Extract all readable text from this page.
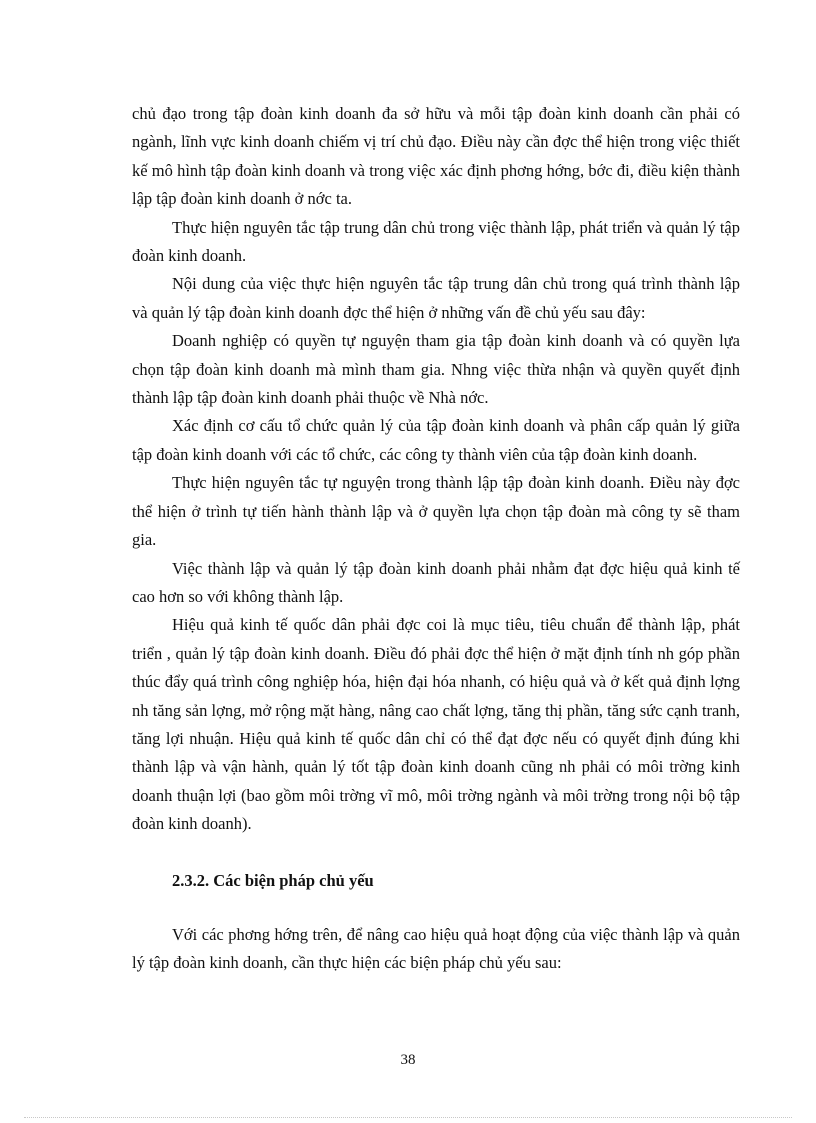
chủ đạo trong tập đoàn kinh doanh đa sở hữu và mỗi tập đoàn kinh doanh cần phải có ngành, lĩnh vực kinh doanh chiếm vị trí chủ đạo. Điều này cần đợc thể hiện trong việc thiết kế mô hình tập đoàn kinh doanh và trong việc xác định phơng hớng, bớc đi, điều kiện thành lập tập đoàn kinh doanh ở nớc ta.

Thực hiện nguyên tắc tập trung dân chủ trong việc thành lập, phát triển và quản lý tập đoàn kinh doanh.

Nội dung của việc thực hiện nguyên tắc tập trung dân chủ trong quá trình thành lập và quản lý tập đoàn kinh doanh đợc thể hiện ở những vấn đề chủ yếu sau đây:

Doanh nghiệp có quyền tự nguyện tham gia tập đoàn kinh doanh và có quyền lựa chọn tập đoàn kinh doanh mà mình tham gia. Nhng việc thừa nhận và quyền quyết định thành lập tập đoàn kinh doanh phải thuộc về Nhà nớc.

Xác định cơ cấu tổ chức quản lý của tập đoàn kinh doanh và phân cấp quản lý giữa tập đoàn kinh doanh với các tổ chức, các công ty thành viên của tập đoàn kinh doanh.

Thực hiện nguyên tắc tự nguyện trong thành lập tập đoàn kinh doanh. Điều này đợc thể hiện ở trình tự tiến hành thành lập và ở quyền lựa chọn tập đoàn mà công ty sẽ tham gia.

Việc thành lập và quản lý tập đoàn kinh doanh phải nhằm đạt đợc hiệu quả kinh tế cao hơn so với không thành lập.

Hiệu quả kinh tế quốc dân phải đợc coi là mục tiêu, tiêu chuẩn để thành lập, phát triển , quản lý tập đoàn kinh doanh. Điều đó phải đợc thể hiện ở mặt định tính nh góp phần thúc đẩy quá trình công nghiệp hóa, hiện đại hóa nhanh, có hiệu quả và ở kết quả định lợng nh tăng sản lợng, mở rộng mặt hàng, nâng cao chất lợng, tăng thị phần, tăng sức cạnh tranh, tăng lợi nhuận. Hiệu quả kinh tế quốc dân chỉ có thể đạt đợc nếu có quyết định đúng khi thành lập và vận hành, quản lý tốt tập đoàn kinh doanh cũng nh phải có môi trờng kinh doanh thuận lợi (bao gồm môi trờng vĩ mô, môi trờng ngành và môi trờng trong nội bộ tập đoàn kinh doanh).

2.3.2. Các biện pháp chủ yếu

Với các phơng hớng trên, để nâng cao hiệu quả hoạt động của việc thành lập và quản lý tập đoàn kinh doanh, cần thực hiện các biện pháp chủ yếu sau:

38
